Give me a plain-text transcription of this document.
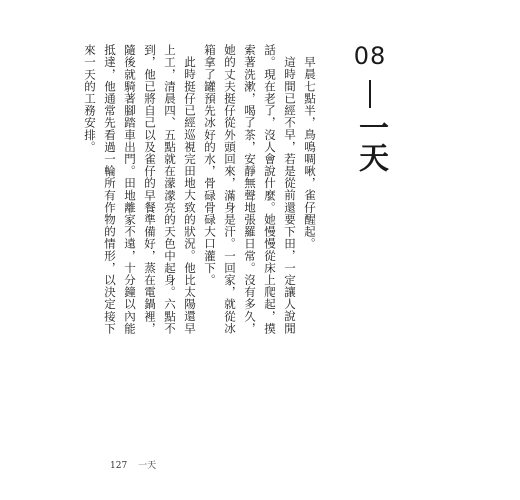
08
一天

早晨七點半，鳥鳴啁啾，雀仔醒起。

這時間已經不早，若是從前還要下田，一定讓人說閒話。現在老了，沒人會說什麼。她慢慢從床上爬起，摸索著洗漱，喝了茶，安靜無聲地張羅日常。沒有多久，她的丈夫挺仔從外頭回來，滿身是汗。一回家，就從冰箱拿了罐預先冰好的水，骨碌骨碌大口灌下。

此時挺仔已經巡視完田地大致的狀況。他比太陽還早上工，清晨四、五點就在濛濛亮的天色中起身。六點不到，他已將自己以及雀仔的早餐準備好，蒸在電鍋裡，隨後就騎著腳踏車出門。田地離家不遠，十分鐘以內能抵達，他通常先看過一輪所有作物的情形，以決定接下來一天的工務安排。

127 一天
